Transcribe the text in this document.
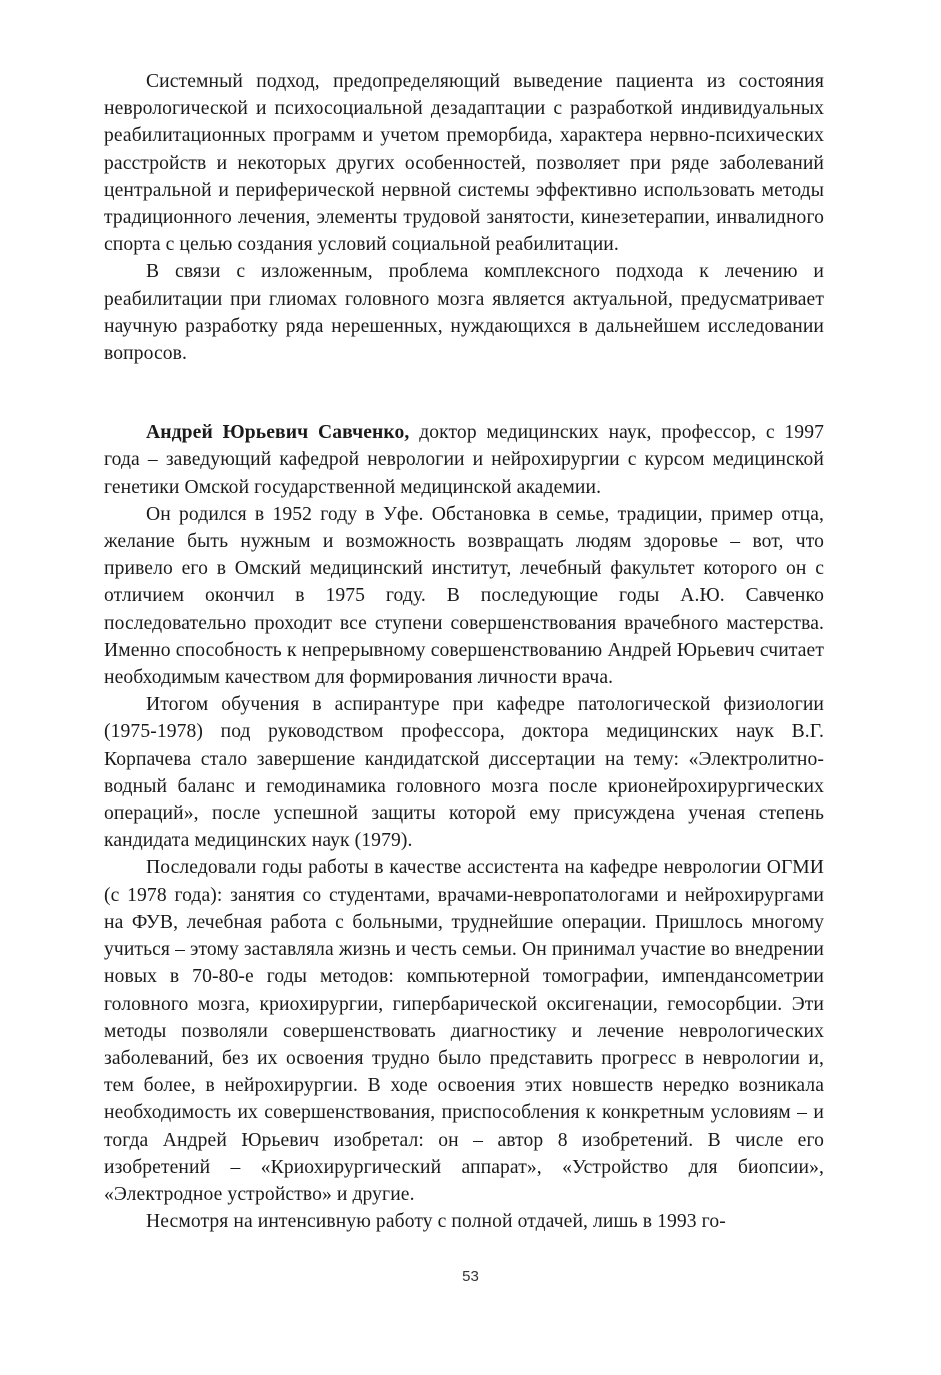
Системный подход, предопределяющий выведение пациента из состояния неврологической и психосоциальной дезадаптации с разработкой индивидуальных реабилитационных программ и учетом преморбида, характера нервно-психических расстройств и некоторых других особенностей, позволяет при ряде заболеваний центральной и периферической нервной системы эффективно использовать методы традиционного лечения, элементы трудовой занятости, кинезетерапии, инвалидного спорта с целью создания условий социальной реабилитации.

В связи с изложенным, проблема комплексного подхода к лечению и реабилитации при глиомах головного мозга является актуальной, предусматривает научную разработку ряда нерешенных, нуждающихся в дальнейшем исследовании вопросов.

Андрей Юрьевич Савченко, доктор медицинских наук, профессор, с 1997 года – заведующий кафедрой неврологии и нейрохирургии с курсом медицинской генетики Омской государственной медицинской академии.

Он родился в 1952 году в Уфе. Обстановка в семье, традиции, пример отца, желание быть нужным и возможность возвращать людям здоровье – вот, что привело его в Омский медицинский институт, лечебный факультет которого он с отличием окончил в 1975 году. В последующие годы А.Ю. Савченко последовательно проходит все ступени совершенствования врачебного мастерства. Именно способность к непрерывному совершенствованию Андрей Юрьевич считает необходимым качеством для формирования личности врача.

Итогом обучения в аспирантуре при кафедре патологической физиологии (1975-1978) под руководством профессора, доктора медицинских наук В.Г. Корпачева стало завершение кандидатской диссертации на тему: «Электролитно-водный баланс и гемодинамика головного мозга после крионейрохирургических операций», после успешной защиты которой ему присуждена ученая степень кандидата медицинских наук (1979).

Последовали годы работы в качестве ассистента на кафедре неврологии ОГМИ (с 1978 года): занятия со студентами, врачами-невропатологами и нейрохирургами на ФУВ, лечебная работа с больными, труднейшие операции. Пришлось многому учиться – этому заставляла жизнь и честь семьи. Он принимал участие во внедрении новых в 70-80-е годы методов: компьютерной томографии, импендансометрии головного мозга, криохирургии, гипербарической оксигенации, гемосорбции. Эти методы позволяли совершенствовать диагностику и лечение неврологических заболеваний, без их освоения трудно было представить прогресс в неврологии и, тем более, в нейрохирургии. В ходе освоения этих новшеств нередко возникала необходимость их совершенствования, приспособления к конкретным условиям – и тогда Андрей Юрьевич изобретал: он – автор 8 изобретений. В числе его изобретений – «Криохирургический аппарат», «Устройство для биопсии», «Электродное устройство» и другие.

Несмотря на интенсивную работу с полной отдачей, лишь в 1993 го-

53
